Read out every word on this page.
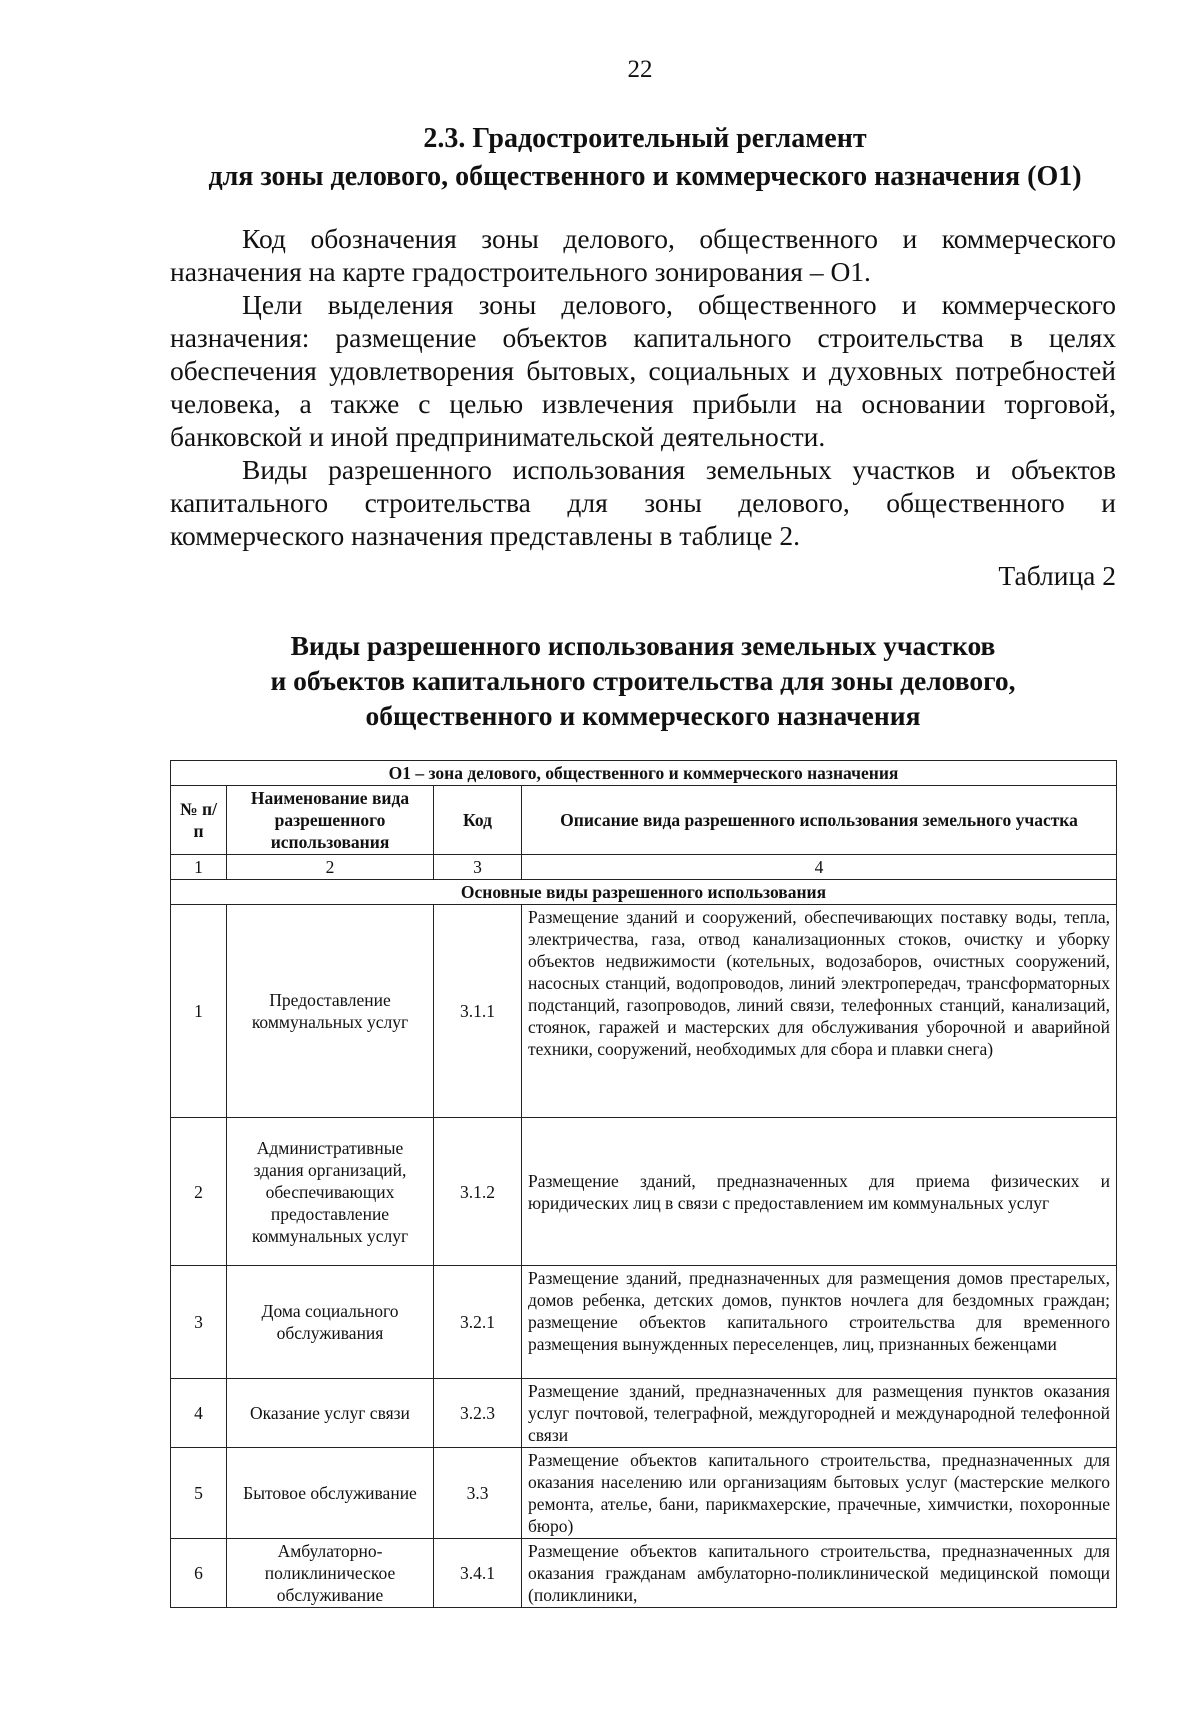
22
2.3. Градостроительный регламент
для зоны делового, общественного и коммерческого назначения (О1)

Код обозначения зоны делового, общественного и коммерческого назначения на карте градостроительного зонирования – О1.

Цели выделения зоны делового, общественного и коммерческого назначения: размещение объектов капитального строительства в целях обеспечения удовлетворения бытовых, социальных и духовных потребностей человека, а также с целью извлечения прибыли на основании торговой, банковской и иной предпринимательской деятельности.

Виды разрешенного использования земельных участков и объектов капитального строительства для зоны делового, общественного и коммерческого назначения представлены в таблице 2.

Таблица 2
Виды разрешенного использования земельных участков
и объектов капитального строительства для зоны делового,
общественного и коммерческого назначения
О1 – зона делового, общественного и коммерческого назначения			
№ п/п	Наименование вида разрешенного использования	Код	Описание вида разрешенного использования земельного участка
1	2	3	4
Основные виды разрешенного использования			
1	Предоставление коммунальных услуг	3.1.1	Размещение зданий и сооружений, обеспечивающих поставку воды, тепла, электричества, газа, отвод канализационных стоков, очистку и уборку объектов недвижимости (котельных, водозаборов, очистных сооружений, насосных станций, водопроводов, линий электропередач, трансформаторных подстанций, газопроводов, линий связи, телефонных станций, канализаций, стоянок, гаражей и мастерских для обслуживания уборочной и аварийной техники, сооружений, необходимых для сбора и плавки снега)
2	Административные здания организаций, обеспечивающих предоставление коммунальных услуг	3.1.2	Размещение зданий, предназначенных для приема физических и юридических лиц в связи с предоставлением им коммунальных услуг
3	Дома социального обслуживания	3.2.1	Размещение зданий, предназначенных для размещения домов престарелых, домов ребенка, детских домов, пунктов ночлега для бездомных граждан; размещение объектов капитального строительства для временного размещения вынужденных переселенцев, лиц, признанных беженцами
4	Оказание услуг связи	3.2.3	Размещение зданий, предназначенных для размещения пунктов оказания услуг почтовой, телеграфной, междугородней и международной телефонной связи
5	Бытовое обслуживание	3.3	Размещение объектов капитального строительства, предназначенных для оказания населению или организациям бытовых услуг (мастерские мелкого ремонта, ателье, бани, парикмахерские, прачечные, химчистки, похоронные бюро)
6	Амбулаторно-поликлиническое обслуживание	3.4.1	Размещение объектов капитального строительства, предназначенных для оказания гражданам амбулаторно-поликлинической медицинской помощи (поликлиники,
